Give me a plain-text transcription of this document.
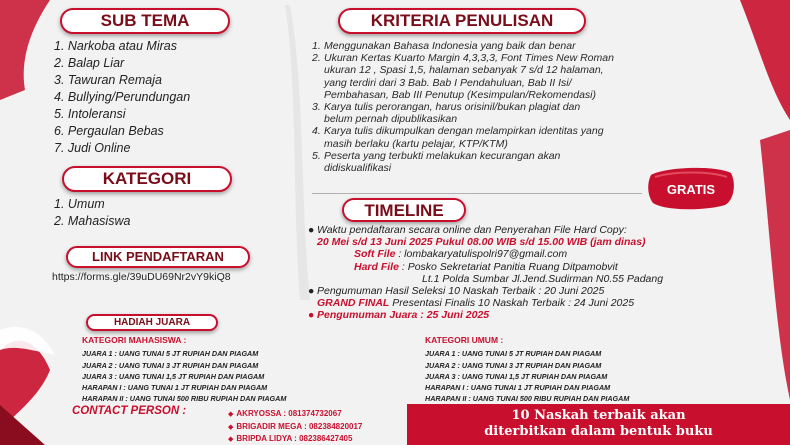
SUB TEMA
1. Narkoba atau Miras
2. Balap Liar
3. Tawuran Remaja
4. Bullying/Perundungan
5. Intoleransi
6. Pergaulan Bebas
7. Judi Online
KATEGORI
1. Umum
2. Mahasiswa
LINK PENDAFTARAN
https://forms.gle/39uDU69Nr2vY9kiQ8
HADIAH JUARA
KATEGORI MAHASISWA :
JUARA 1 : UANG TUNAI 5 JT RUPIAH DAN PIAGAM
JUARA 2 : UANG TUNAI 3 JT RUPIAH DAN PIAGAM
JUARA 3 : UANG TUNAI 1,5 JT RUPIAH DAN PIAGAM
HARAPAN I : UANG TUNAI 1 JT RUPIAH DAN PIAGAM
HARAPAN II : UANG TUNAI 500 RIBU RUPIAH DAN PIAGAM
KATEGORI UMUM :
JUARA 1 : UANG TUNAI 5 JT RUPIAH DAN PIAGAM
JUARA 2 : UANG TUNAI 3 JT RUPIAH DAN PIAGAM
JUARA 3 : UANG TUNAI 1,5 JT RUPIAH DAN PIAGAM
HARAPAN I : UANG TUNAI 1 JT RUPIAH DAN PIAGAM
HARAPAN II : UANG TUNAI 500 RIBU RUPIAH DAN PIAGAM
KRITERIA PENULISAN
1. Menggunakan Bahasa Indonesia yang baik dan benar
2. Ukuran Kertas Kuarto Margin 4,3,3,3, Font Times New Roman
ukuran 12 , Spasi 1,5, halaman sebanyak 7 s/d 12 halaman,
yang terdiri dari 3 Bab. Bab I Pendahuluan, Bab II Isi/
Pembahasan, Bab III Penutup (Kesimpulan/Rekomendasi)
3. Karya tulis perorangan, harus orisinil/bukan plagiat dan
belum pernah dipublikasikan
4. Karya tulis dikumpulkan dengan melampirkan identitas yang
masih berlaku (kartu pelajar, KTP/KTM)
5. Peserta yang terbukti melakukan kecurangan akan
didiskualifikasi
GRATIS
TIMELINE
● Waktu pendaftaran secara online dan Penyerahan File Hard Copy:
20 Mei s/d 13 Juni 2025 Pukul 08.00 WIB s/d 15.00 WIB (jam dinas)
Soft File : lombakaryatulispolri97@gmail.com
Hard File : Posko Sekretariat Panitia Ruang Ditpamobvit
Lt.1 Polda Sumbar Jl.Jend.Sudirman N0.55 Padang
● Pengumuman Hasil Seleksi 10 Naskah Terbaik : 20 Juni 2025
GRAND FINAL Presentasi Finalis 10 Naskah Terbaik : 24 Juni 2025
● Pengumuman Juara : 25 Juni 2025
CONTACT PERSON :	◆ AKRYOSSA : 081374732067
◆ BRIGADIR MEGA : 082384820017
◆ BRIPDA LIDYA : 082386427405
10 Naskah terbaik akan
diterbitkan dalam bentuk buku
